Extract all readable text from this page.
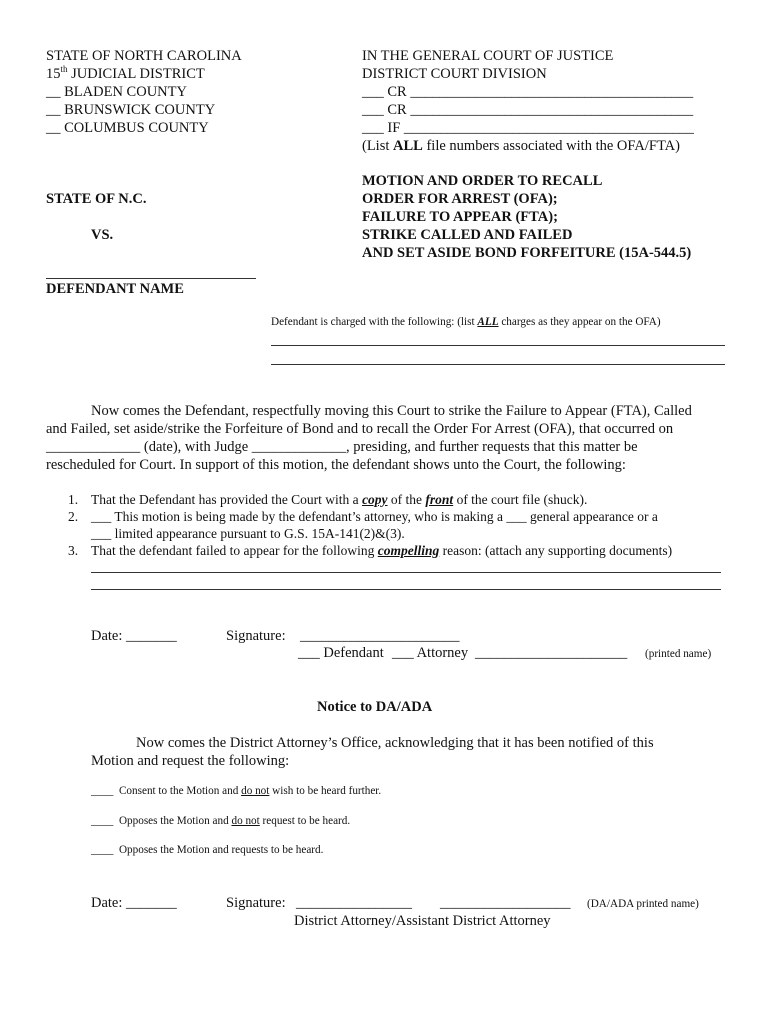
STATE OF NORTH CAROLINA
15th JUDICIAL DISTRICT
__ BLADEN COUNTY
__ BRUNSWICK COUNTY
__ COLUMBUS COUNTY
IN THE GENERAL COURT OF JUSTICE
DISTRICT COURT DIVISION
___ CR _______________________________________
___ CR _______________________________________
___ IF ________________________________________
(List ALL file numbers associated with the OFA/FTA)
STATE OF N.C.
VS.
DEFENDANT NAME
MOTION AND ORDER TO RECALL
ORDER FOR ARREST (OFA);
FAILURE TO APPEAR (FTA);
STRIKE CALLED AND FAILED
AND SET ASIDE BOND FORFEITURE (15A-544.5)
Defendant is charged with the following: (list ALL charges as they appear on the OFA)
Now comes the Defendant, respectfully moving this Court to strike the Failure to Appear (FTA), Called
and Failed, set aside/strike the Forfeiture of Bond and to recall the Order For Arrest (OFA), that occurred on
_____________ (date), with Judge _____________, presiding, and further requests that this matter be
rescheduled for Court. In support of this motion, the defendant shows unto the Court, the following:
1. That the Defendant has provided the Court with a copy of the front of the court file (shuck).
2. ___ This motion is being made by the defendant’s attorney, who is making a ___ general appearance or a
___ limited appearance pursuant to G.S. 15A-141(2)&(3).
3. That the defendant failed to appear for the following compelling reason: (attach any supporting documents)
Date: _______	Signature: ______________________
___ Defendant ___ Attorney _____________________ (printed name)
Notice to DA/ADA
Now comes the District Attorney’s Office, acknowledging that it has been notified of this
Motion and request the following:
____ Consent to the Motion and do not wish to be heard further.
____ Opposes the Motion and do not request to be heard.
____ Opposes the Motion and requests to be heard.
Date: _______	Signature: ________________ __________________ (DA/ADA printed name)
District Attorney/Assistant District Attorney
